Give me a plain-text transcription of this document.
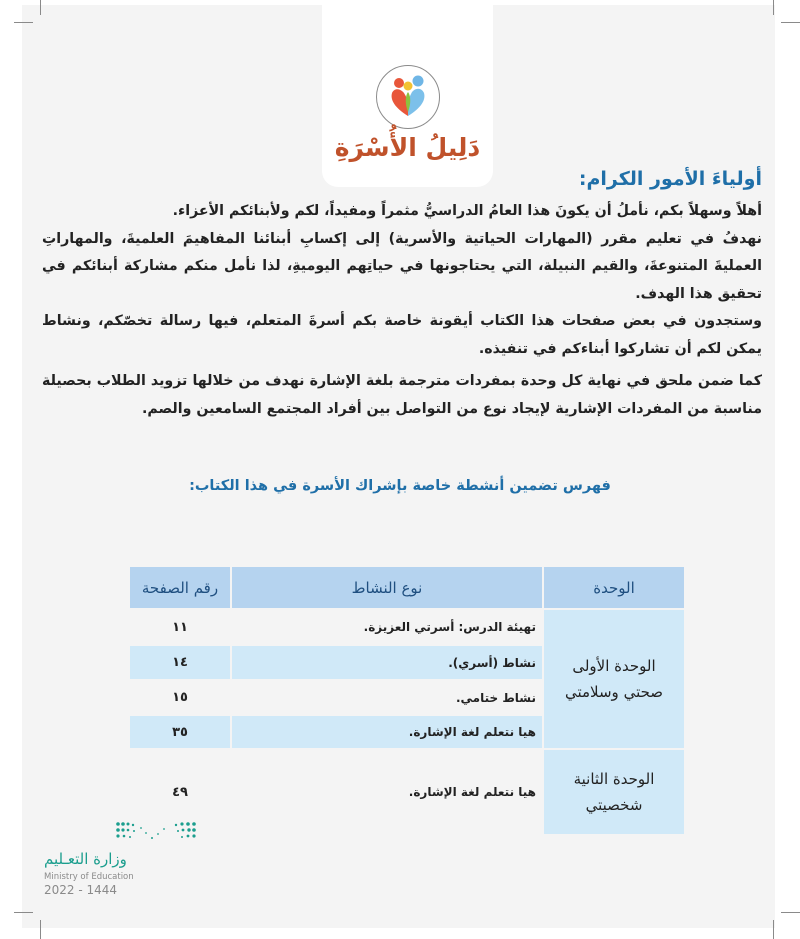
دَلِيلُ الأُسْرَةِ
أولياءَ الأمور الكرام:

أهلاً وسهلاً بكم، نأملُ أن يكونَ هذا العامُ الدراسيُّ مثمراً ومفيداً، لكم ولأبنائكم الأعزاء.

نهدفُ في تعليم مقرر (المهارات الحياتية والأسرية) إلى إكسابِ أبنائنا المفاهيمَ العلميةَ، والمهاراتِ العمليةَ المتنوعةَ، والقيم النبيلة، التي يحتاجونها في حياتِهم اليوميةِ، لذا نأمل منكم مشاركة أبنائكم في تحقيق هذا الهدف.

وستجدون في بعض صفحات هذا الكتاب أيقونة خاصة بكم أسرةَ المتعلم، فيها رسالة تخصّكم، ونشاط يمكن لكم أن تشاركوا أبناءكم في تنفيذه.

كما ضمن ملحق في نهاية كل وحدة بمفردات مترجمة بلغة الإشارة نهدف من خلالها تزويد الطلاب بحصيلة مناسبة من المفردات الإشارية لإيجاد نوع من التواصل بين أفراد المجتمع السامعين والصم.

فهرس تضمين أنشطة خاصة بإشراك الأسرة في هذا الكتاب:
الوحدة	نوع النشاط	رقم الصفحة

الوحدة الأولى
صحتي وسلامتي	تهيئة الدرس: أسرتي العزيزة.	١١
	نشاط (أسري).	١٤
	نشاط ختامي.	١٥
	هيا نتعلم لغة الإشارة.	٣٥

الوحدة الثانية
شخصيتي	هيا نتعلم لغة الإشارة.	٤٩
وزارة التعـليم
Ministry of Education
2022 - 1444
